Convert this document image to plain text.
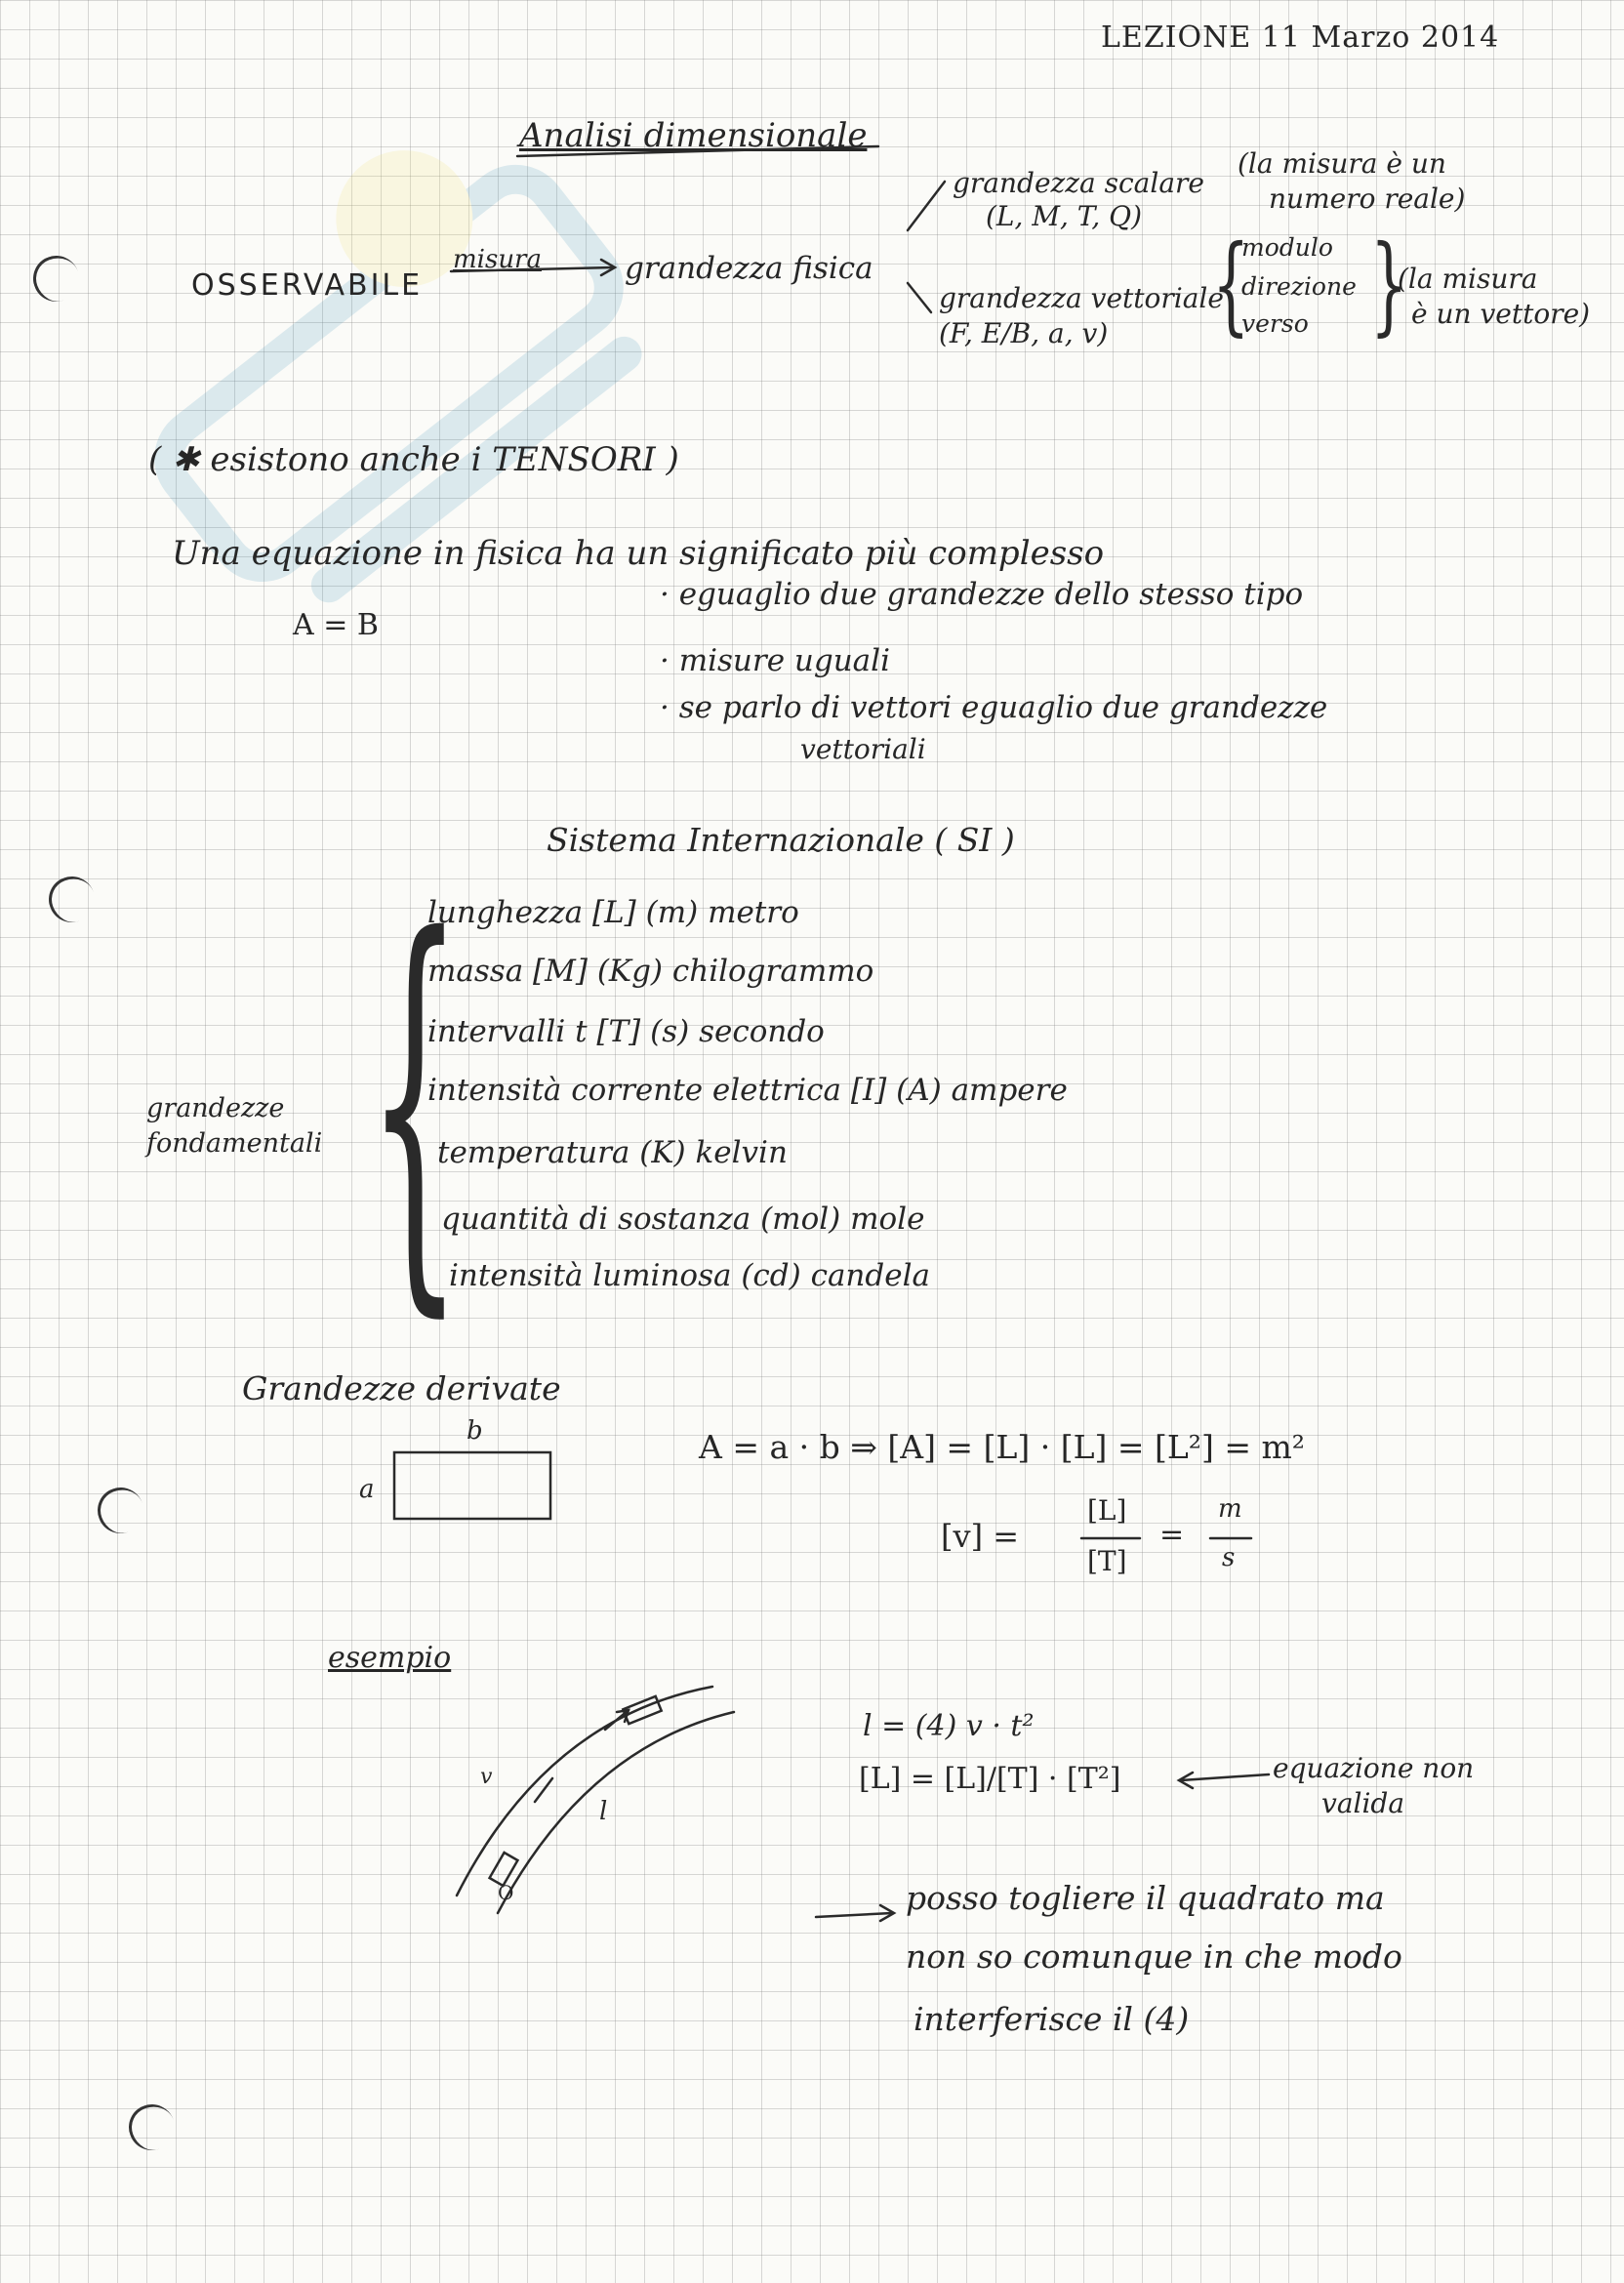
LEZIONE 11 Marzo 2014
Analisi dimensionale
OSSERVABILE
misura	grandezza fisica
grandezza scalare
(L, M, T, Q)
(la misura è un
numero reale)
grandezza vettoriale
(F, E/B, a, v) {
modulo
direzione
verso }
(la misura
è un vettore)
( ✱ esistono anche i TENSORI )
Una equazione in fisica ha un significato più complesso
A = B
· eguaglio due grandezze dello stesso tipo
· misure uguali
· se parlo di vettori eguaglio due grandezze
vettoriali
Sistema Internazionale ( SI )
{
grandezze
fondamentali
lunghezza [L] (m) metro
massa [M] (Kg) chilogrammo
intervalli t [T] (s) secondo
intensità corrente elettrica [I] (A) ampere
temperatura (K) kelvin
quantità di sostanza (mol) mole
intensità luminosa (cd) candela
Grandezze derivate
b
a
A = a · b ⇒ [A] = [L] · [L] = [L²] = m²
[v] =
[L]
[T]
=
m
s
esempio
v
l
O
l = (4) v · t²
[L] = [L]/[T] · [T²]	equazione non
valida
posso togliere il quadrato ma
non so comunque in che modo
interferisce il (4)
